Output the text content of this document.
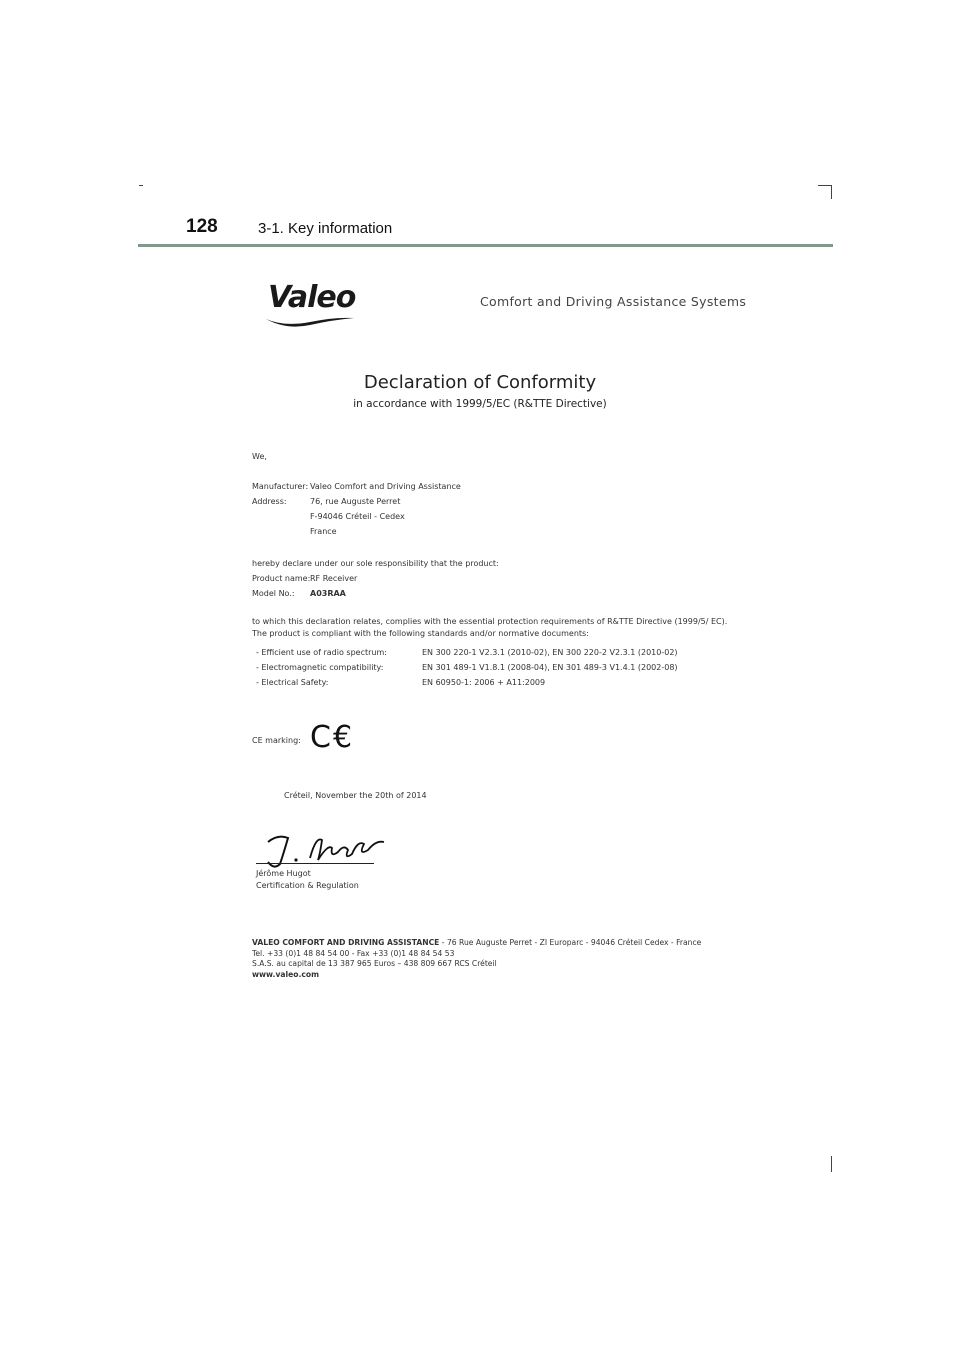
128	3-1. Key information
Valeo	Comfort and Driving Assistance Systems
Declaration of Conformity
in accordance with 1999/5/EC (R&TTE Directive)
We,
Manufacturer: Valeo Comfort and Driving Assistance
Address:	76, rue Auguste Perret
F-94046 Créteil - Cedex
France
hereby declare under our sole responsibility that the product:
Product name: RF Receiver
Model No.: A03RAA
to which this declaration relates, complies with the essential protection requirements of R&TTE Directive (1999/5/ EC).
The product is compliant with the following standards and/or normative documents:
- Efficient use of radio spectrum:	EN 300 220-1 V2.3.1 (2010-02), EN 300 220-2 V2.3.1 (2010-02)
- Electromagnetic compatibility:	EN 301 489-1 V1.8.1 (2008-04), EN 301 489-3 V1.4.1 (2002-08)
- Electrical Safety:	EN 60950-1: 2006 + A11:2009
CE marking: C€
Créteil, November the 20th of 2014
Jérôme Hugot
Certification & Regulation
VALEO COMFORT AND DRIVING ASSISTANCE - 76 Rue Auguste Perret - ZI Europarc - 94046 Créteil Cedex - France
Tel. +33 (0)1 48 84 54 00 - Fax +33 (0)1 48 84 54 53
S.A.S. au capital de 13 387 965 Euros – 438 809 667 RCS Créteil
www.valeo.com
